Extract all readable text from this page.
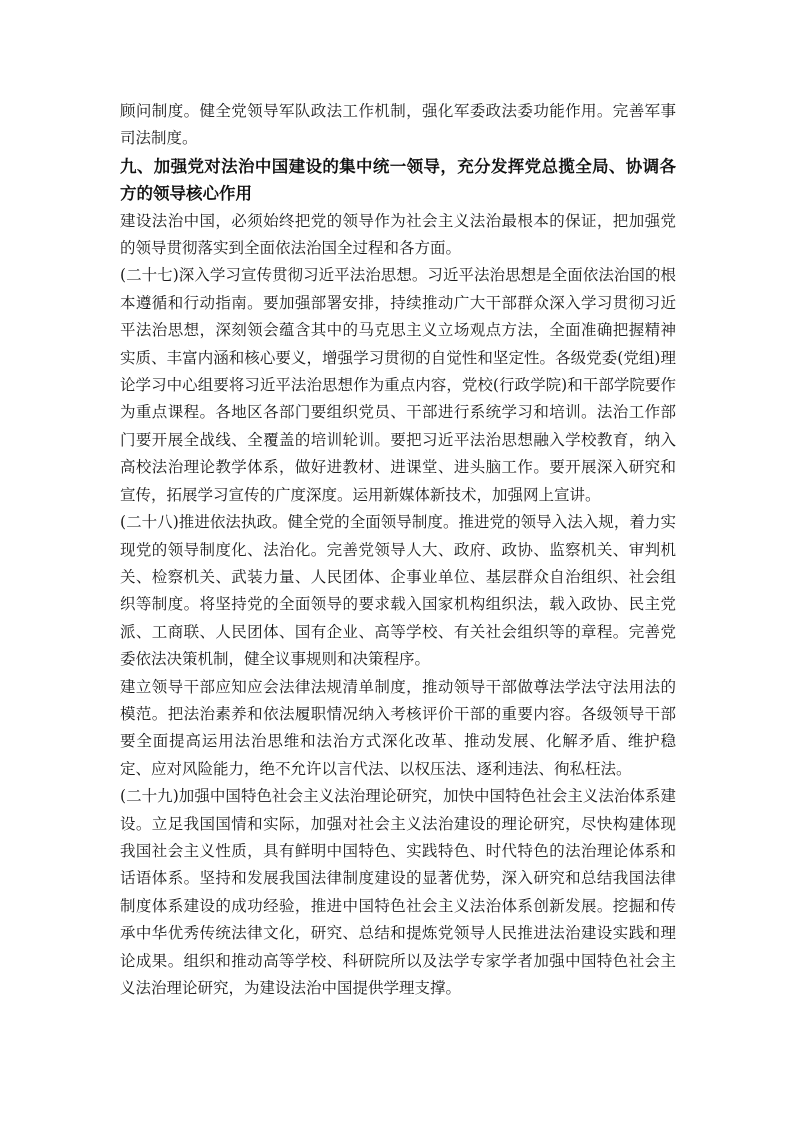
顾问制度。健全党领导军队政法工作机制，强化军委政法委功能作用。完善军事司法制度。

九、加强党对法治中国建设的集中统一领导，充分发挥党总揽全局、协调各方的领导核心作用

建设法治中国，必须始终把党的领导作为社会主义法治最根本的保证，把加强党的领导贯彻落实到全面依法治国全过程和各方面。

(二十七)深入学习宣传贯彻习近平法治思想。习近平法治思想是全面依法治国的根本遵循和行动指南。要加强部署安排，持续推动广大干部群众深入学习贯彻习近平法治思想，深刻领会蕴含其中的马克思主义立场观点方法，全面准确把握精神实质、丰富内涵和核心要义，增强学习贯彻的自觉性和坚定性。各级党委(党组)理论学习中心组要将习近平法治思想作为重点内容，党校(行政学院)和干部学院要作为重点课程。各地区各部门要组织党员、干部进行系统学习和培训。法治工作部门要开展全战线、全覆盖的培训轮训。要把习近平法治思想融入学校教育，纳入高校法治理论教学体系，做好进教材、进课堂、进头脑工作。要开展深入研究和宣传，拓展学习宣传的广度深度。运用新媒体新技术，加强网上宣讲。

(二十八)推进依法执政。健全党的全面领导制度。推进党的领导入法入规，着力实现党的领导制度化、法治化。完善党领导人大、政府、政协、监察机关、审判机关、检察机关、武装力量、人民团体、企事业单位、基层群众自治组织、社会组织等制度。将坚持党的全面领导的要求载入国家机构组织法，载入政协、民主党派、工商联、人民团体、国有企业、高等学校、有关社会组织等的章程。完善党委依法决策机制，健全议事规则和决策程序。

建立领导干部应知应会法律法规清单制度，推动领导干部做尊法学法守法用法的模范。把法治素养和依法履职情况纳入考核评价干部的重要内容。各级领导干部要全面提高运用法治思维和法治方式深化改革、推动发展、化解矛盾、维护稳定、应对风险能力，绝不允许以言代法、以权压法、逐利违法、徇私枉法。

(二十九)加强中国特色社会主义法治理论研究，加快中国特色社会主义法治体系建设。立足我国国情和实际，加强对社会主义法治建设的理论研究，尽快构建体现我国社会主义性质，具有鲜明中国特色、实践特色、时代特色的法治理论体系和话语体系。坚持和发展我国法律制度建设的显著优势，深入研究和总结我国法律制度体系建设的成功经验，推进中国特色社会主义法治体系创新发展。挖掘和传承中华优秀传统法律文化，研究、总结和提炼党领导人民推进法治建设实践和理论成果。组织和推动高等学校、科研院所以及法学专家学者加强中国特色社会主义法治理论研究，为建设法治中国提供学理支撑。
